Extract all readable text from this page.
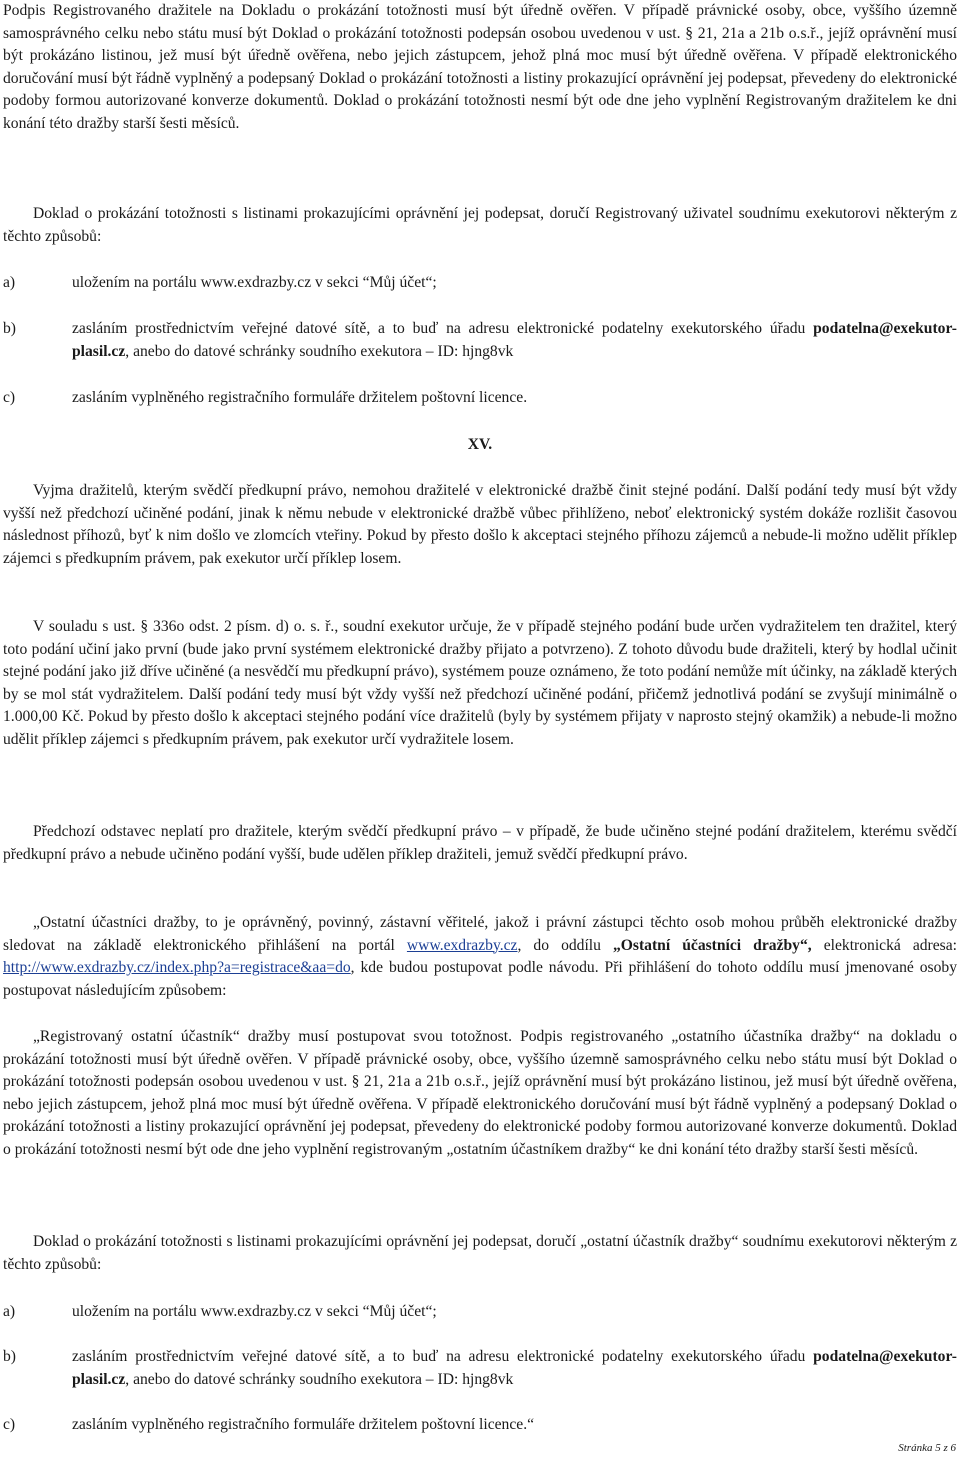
Podpis Registrovaného dražitele na Dokladu o prokázání totožnosti musí být úředně ověřen. V případě právnické osoby, obce, vyššího územně samosprávného celku nebo státu musí být Doklad o prokázání totožnosti podepsán osobou uvedenou v ust. § 21, 21a a 21b o.s.ř., jejíž oprávnění musí být prokázáno listinou, jež musí být úředně ověřena, nebo jejich zástupcem, jehož plná moc musí být úředně ověřena. V případě elektronického doručování musí být řádně vyplněný a podepsaný Doklad o prokázání totožnosti a listiny prokazující oprávnění jej podepsat, převedeny do elektronické podoby formou autorizované konverze dokumentů. Doklad o prokázání totožnosti nesmí být ode dne jeho vyplnění Registrovaným dražitelem ke dni konání této dražby starší šesti měsíců.

Doklad o prokázání totožnosti s listinami prokazujícími oprávnění jej podepsat, doručí Registrovaný uživatel soudnímu exekutorovi některým z těchto způsobů:

a)	uložením na portálu www.exdrazby.cz v sekci “Můj účet“;
b)	zasláním prostřednictvím veřejné datové sítě, a to buď na adresu elektronické podatelny exekutorského úřadu podatelna@exekutor-plasil.cz, anebo do datové schránky soudního exekutora – ID: hjng8vk
c)	zasláním vyplněného registračního formuláře držitelem poštovní licence.
XV.

Vyjma dražitelů, kterým svědčí předkupní právo, nemohou dražitelé v elektronické dražbě činit stejné podání. Další podání tedy musí být vždy vyšší než předchozí učiněné podání, jinak k němu nebude v elektronické dražbě vůbec přihlíženo, neboť elektronický systém dokáže rozlišit časovou následnost příhozů, byť k nim došlo ve zlomcích vteřiny. Pokud by přesto došlo k akceptaci stejného příhozu zájemců a nebude-li možno udělit příklep zájemci s předkupním právem, pak exekutor určí příklep losem.

V souladu s ust. § 336o odst. 2 písm. d) o. s. ř., soudní exekutor určuje, že v případě stejného podání bude určen vydražitelem ten dražitel, který toto podání učiní jako první (bude jako první systémem elektronické dražby přijato a potvrzeno). Z tohoto důvodu bude dražiteli, který by hodlal učinit stejné podání jako již dříve učiněné (a nesvědčí mu předkupní právo), systémem pouze oznámeno, že toto podání nemůže mít účinky, na základě kterých by se mol stát vydražitelem. Další podání tedy musí být vždy vyšší než předchozí učiněné podání, přičemž jednotlivá podání se zvyšují minimálně o 1.000,00 Kč. Pokud by přesto došlo k akceptaci stejného podání více dražitelů (byly by systémem přijaty v naprosto stejný okamžik) a nebude-li možno udělit příklep zájemci s předkupním právem, pak exekutor určí vydražitele losem.

Předchozí odstavec neplatí pro dražitele, kterým svědčí předkupní právo – v případě, že bude učiněno stejné podání dražitelem, kterému svědčí předkupní právo a nebude učiněno podání vyšší, bude udělen příklep dražiteli, jemuž svědčí předkupní právo.

„Ostatní účastníci dražby, to je oprávněný, povinný, zástavní věřitelé, jakož i právní zástupci těchto osob mohou průběh elektronické dražby sledovat na základě elektronického přihlášení na portál www.exdrazby.cz, do oddílu „Ostatní účastníci dražby“, elektronická adresa: http://www.exdrazby.cz/index.php?a=registrace&aa=do, kde budou postupovat podle návodu. Při přihlášení do tohoto oddílu musí jmenované osoby postupovat následujícím způsobem:

„Registrovaný ostatní účastník“ dražby musí postupovat svou totožnost. Podpis registrovaného „ostatního účastníka dražby“ na dokladu o prokázání totožnosti musí být úředně ověřen. V případě právnické osoby, obce, vyššího územně samosprávného celku nebo státu musí být Doklad o prokázání totožnosti podepsán osobou uvedenou v ust. § 21, 21a a 21b o.s.ř., jejíž oprávnění musí být prokázáno listinou, jež musí být úředně ověřena, nebo jejich zástupcem, jehož plná moc musí být úředně ověřena. V případě elektronického doručování musí být řádně vyplněný a podepsaný Doklad o prokázání totožnosti a listiny prokazující oprávnění jej podepsat, převedeny do elektronické podoby formou autorizované konverze dokumentů. Doklad o prokázání totožnosti nesmí být ode dne jeho vyplnění registrovaným „ostatním účastníkem dražby“ ke dni konání této dražby starší šesti měsíců.

Doklad o prokázání totožnosti s listinami prokazujícími oprávnění jej podepsat, doručí „ostatní účastník dražby“ soudnímu exekutorovi některým z těchto způsobů:

a)	uložením na portálu www.exdrazby.cz v sekci “Můj účet“;
b)	zasláním prostřednictvím veřejné datové sítě, a to buď na adresu elektronické podatelny exekutorského úřadu podatelna@exekutor-plasil.cz, anebo do datové schránky soudního exekutora – ID: hjng8vk
c)	zasláním vyplněného registračního formuláře držitelem poštovní licence.“
Stránka 5 z 6
